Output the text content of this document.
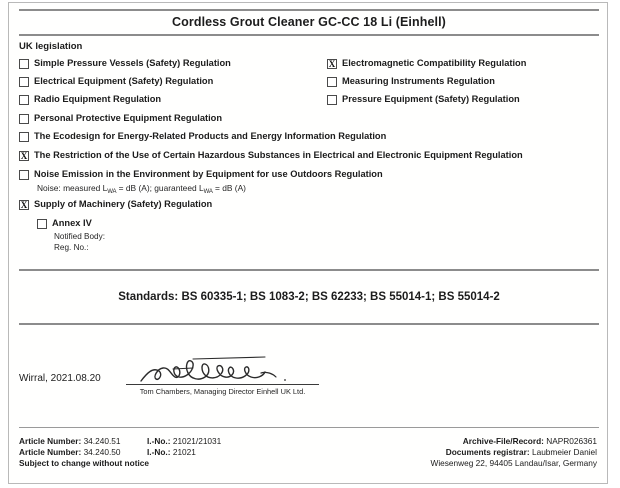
Cordless Grout Cleaner GC-CC 18 Li (Einhell)
UK legislation
Simple Pressure Vessels (Safety) Regulation
Electrical Equipment (Safety) Regulation
Radio Equipment Regulation
X Electromagnetic Compatibility Regulation
Measuring Instruments Regulation
Pressure Equipment (Safety) Regulation
Personal Protective Equipment Regulation
The Ecodesign for Energy-Related Products and Energy Information Regulation
X The Restriction of the Use of Certain Hazardous Substances in Electrical and Electronic Equipment Regulation
Noise Emission in the Environment by Equipment for use Outdoors Regulation
Noise: measured $L_{WA}$ = dB (A); guaranteed $L_{WA}$ = dB (A)
X Supply of Machinery (Safety) Regulation
Annex IV
Notified Body:
Reg. No.:
Standards: BS 60335-1; BS 1083-2; BS 62233; BS 55014-1; BS 55014-2
Wirral, 2021.08.20
Tom Chambers, Managing Director Einhell UK Ltd.
Article Number: 34.240.51	I.-No.: 21021/21031
Article Number: 34.240.50	I.-No.: 21021
Subject to change without notice
Archive-File/Record: NAPR026361
Documents registrar: Laubmeier Daniel
Wiesenweg 22, 94405 Landau/Isar, Germany
